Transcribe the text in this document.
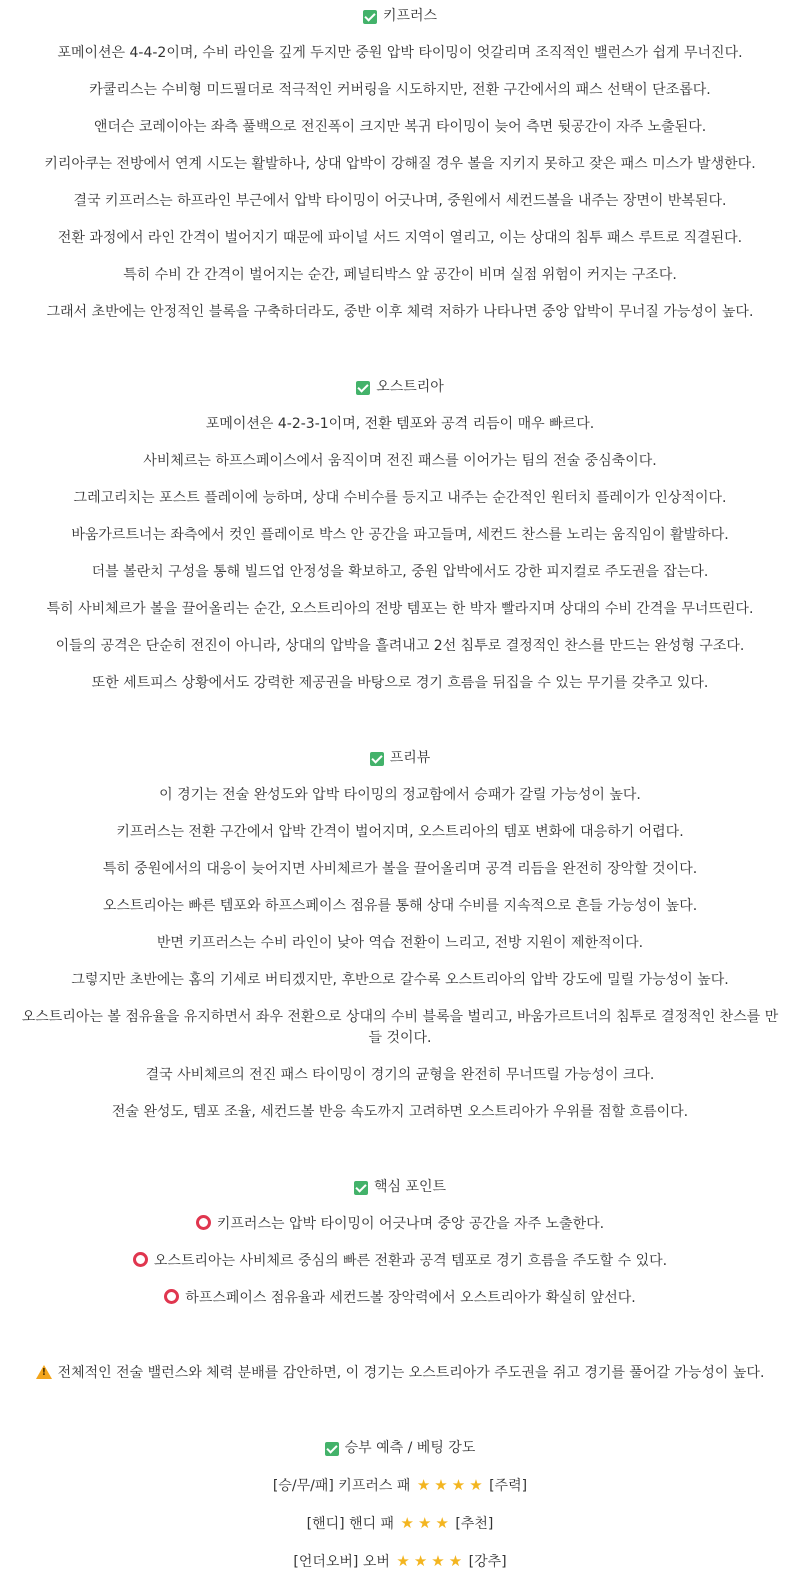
키프러스
포메이션은 4-4-2이며, 수비 라인을 깊게 두지만 중원 압박 타이밍이 엇갈리며 조직적인 밸런스가 쉽게 무너진다.
카쿨리스는 수비형 미드필더로 적극적인 커버링을 시도하지만, 전환 구간에서의 패스 선택이 단조롭다.
앤더슨 코레이아는 좌측 풀백으로 전진폭이 크지만 복귀 타이밍이 늦어 측면 뒷공간이 자주 노출된다.
키리아쿠는 전방에서 연계 시도는 활발하나, 상대 압박이 강해질 경우 볼을 지키지 못하고 잦은 패스 미스가 발생한다.
결국 키프러스는 하프라인 부근에서 압박 타이밍이 어긋나며, 중원에서 세컨드볼을 내주는 장면이 반복된다.
전환 과정에서 라인 간격이 벌어지기 때문에 파이널 서드 지역이 열리고, 이는 상대의 침투 패스 루트로 직결된다.
특히 수비 간 간격이 벌어지는 순간, 페널티박스 앞 공간이 비며 실점 위험이 커지는 구조다.
그래서 초반에는 안정적인 블록을 구축하더라도, 중반 이후 체력 저하가 나타나면 중앙 압박이 무너질 가능성이 높다.
오스트리아
포메이션은 4-2-3-1이며, 전환 템포와 공격 리듬이 매우 빠르다.
사비체르는 하프스페이스에서 움직이며 전진 패스를 이어가는 팀의 전술 중심축이다.
그레고리치는 포스트 플레이에 능하며, 상대 수비수를 등지고 내주는 순간적인 원터치 플레이가 인상적이다.
바움가르트너는 좌측에서 컷인 플레이로 박스 안 공간을 파고들며, 세컨드 찬스를 노리는 움직임이 활발하다.
더블 볼란치 구성을 통해 빌드업 안정성을 확보하고, 중원 압박에서도 강한 피지컬로 주도권을 잡는다.
특히 사비체르가 볼을 끌어올리는 순간, 오스트리아의 전방 템포는 한 박자 빨라지며 상대의 수비 간격을 무너뜨린다.
이들의 공격은 단순히 전진이 아니라, 상대의 압박을 흘려내고 2선 침투로 결정적인 찬스를 만드는 완성형 구조다.
또한 세트피스 상황에서도 강력한 제공권을 바탕으로 경기 흐름을 뒤집을 수 있는 무기를 갖추고 있다.
프리뷰
이 경기는 전술 완성도와 압박 타이밍의 정교함에서 승패가 갈릴 가능성이 높다.
키프러스는 전환 구간에서 압박 간격이 벌어지며, 오스트리아의 템포 변화에 대응하기 어렵다.
특히 중원에서의 대응이 늦어지면 사비체르가 볼을 끌어올리며 공격 리듬을 완전히 장악할 것이다.
오스트리아는 빠른 템포와 하프스페이스 점유를 통해 상대 수비를 지속적으로 흔들 가능성이 높다.
반면 키프러스는 수비 라인이 낮아 역습 전환이 느리고, 전방 지원이 제한적이다.
그렇지만 초반에는 홈의 기세로 버티겠지만, 후반으로 갈수록 오스트리아의 압박 강도에 밀릴 가능성이 높다.
오스트리아는 볼 점유율을 유지하면서 좌우 전환으로 상대의 수비 블록을 벌리고, 바움가르트너의 침투로 결정적인 찬스를 만들 것이다.
결국 사비체르의 전진 패스 타이밍이 경기의 균형을 완전히 무너뜨릴 가능성이 크다.
전술 완성도, 템포 조율, 세컨드볼 반응 속도까지 고려하면 오스트리아가 우위를 점할 흐름이다.
핵심 포인트
키프러스는 압박 타이밍이 어긋나며 중앙 공간을 자주 노출한다.
오스트리아는 사비체르 중심의 빠른 전환과 공격 템포로 경기 흐름을 주도할 수 있다.
하프스페이스 점유율과 세컨드볼 장악력에서 오스트리아가 확실히 앞선다.
!전체적인 전술 밸런스와 체력 분배를 감안하면, 이 경기는 오스트리아가 주도권을 쥐고 경기를 풀어갈 가능성이 높다.
승부 예측 / 베팅 강도
[승/무/패] 키프러스 패 ★ ★ ★ ★ [주력]
[핸디] 핸디 패 ★ ★ ★ [추천]
[언더오버] 오버 ★ ★ ★ ★ [강추]
